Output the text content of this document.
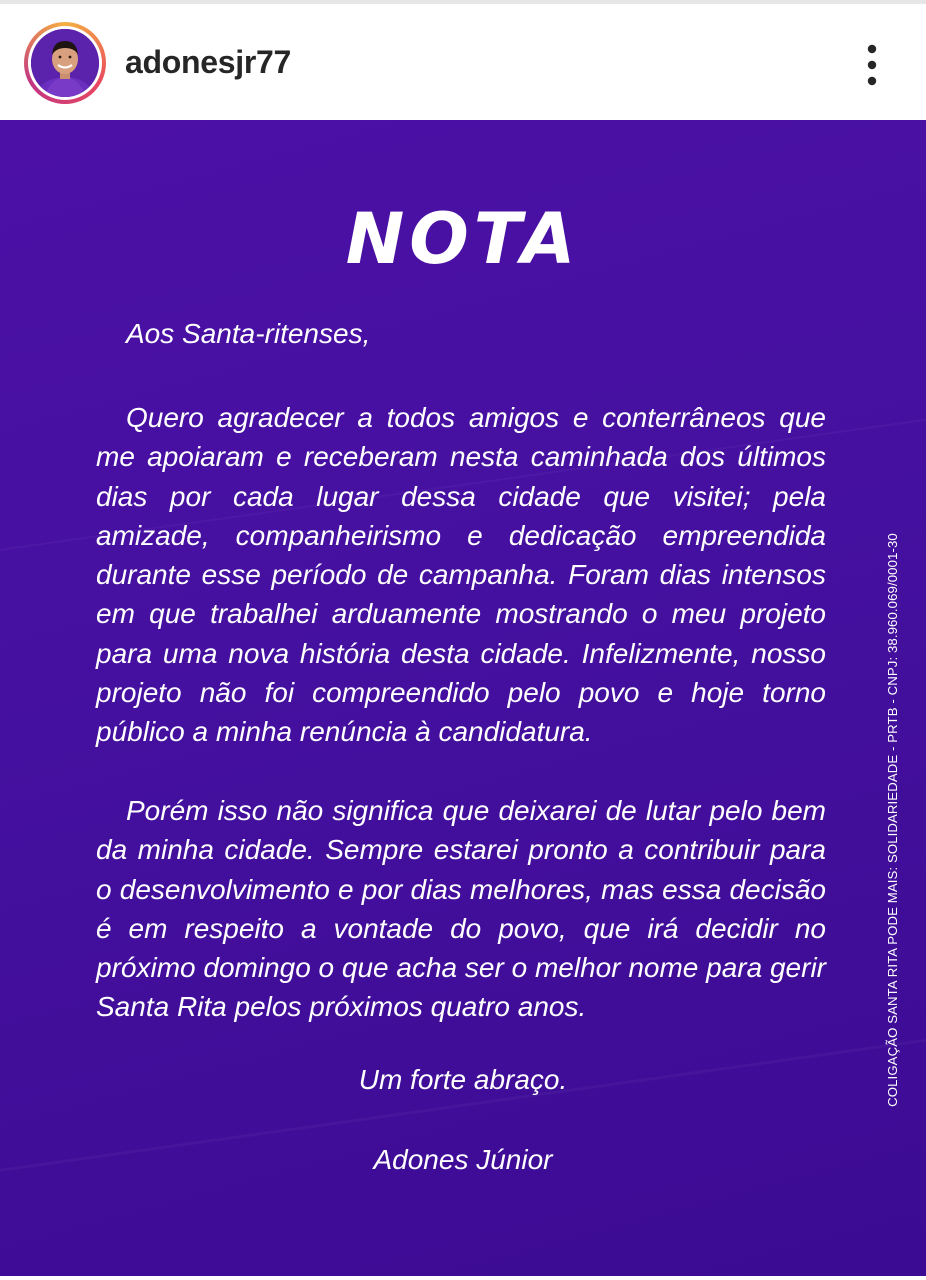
adonesjr77
NOTA

Aos Santa-ritenses,

Quero agradecer a todos amigos e conterrâneos que me apoiaram e receberam nesta caminhada dos últimos dias por cada lugar dessa cidade que visitei; pela amizade, companheirismo e dedicação empreendida durante esse período de campanha. Foram dias intensos em que trabalhei arduamente mostrando o meu projeto para uma nova história desta cidade. Infelizmente, nosso projeto não foi compreendido pelo povo e hoje torno público a minha renúncia à candidatura.

Porém isso não significa que deixarei de lutar pelo bem da minha cidade. Sempre estarei pronto a contribuir para o desenvolvimento e por dias melhores, mas essa decisão é em respeito a vontade do povo, que irá decidir no próximo domingo o que acha ser o melhor nome para gerir Santa Rita pelos próximos quatro anos.

Um forte abraço.

Adones Júnior

COLIGAÇÃO SANTA RITA PODE MAIS: SOLIDARIEDADE - PRTB - CNPJ: 38.960.069/0001-30
